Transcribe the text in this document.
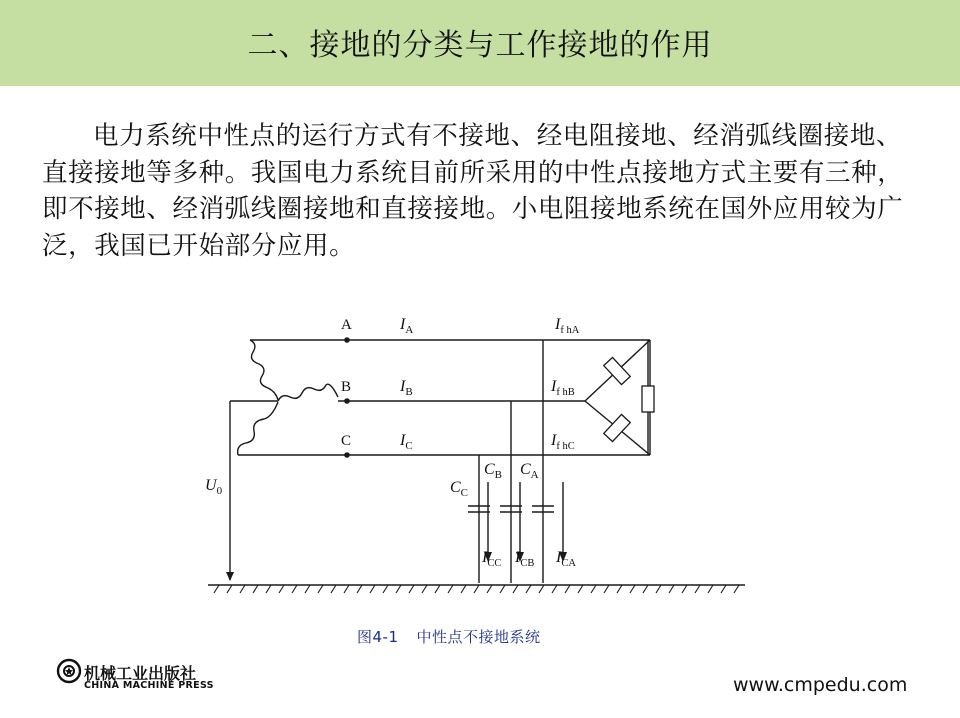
二、接地的分类与工作接地的作用
电力系统中性点的运行方式有不接地、经电阻接地、经消弧线圈接地、直接接地等多种。我国电力系统目前所采用的中性点接地方式主要有三种，即不接地、经消弧线圈接地和直接接地。小电阻接地系统在国外应用较为广泛，我国已开始部分应用。
A
B
C
$I_A$
$I_B$
$I_C$
$I_{f hA}$
$I_{f hB}$
$I_{f hC}$
$C_C$
$C_B$ $C_A$
$I_{CC}$ $I_{CB}$ $I_{CA}$
$U_0$
图4-1 中性点不接地系统
机械工业出版社
CHINA MACHINE PRESS	www.cmpedu.com
